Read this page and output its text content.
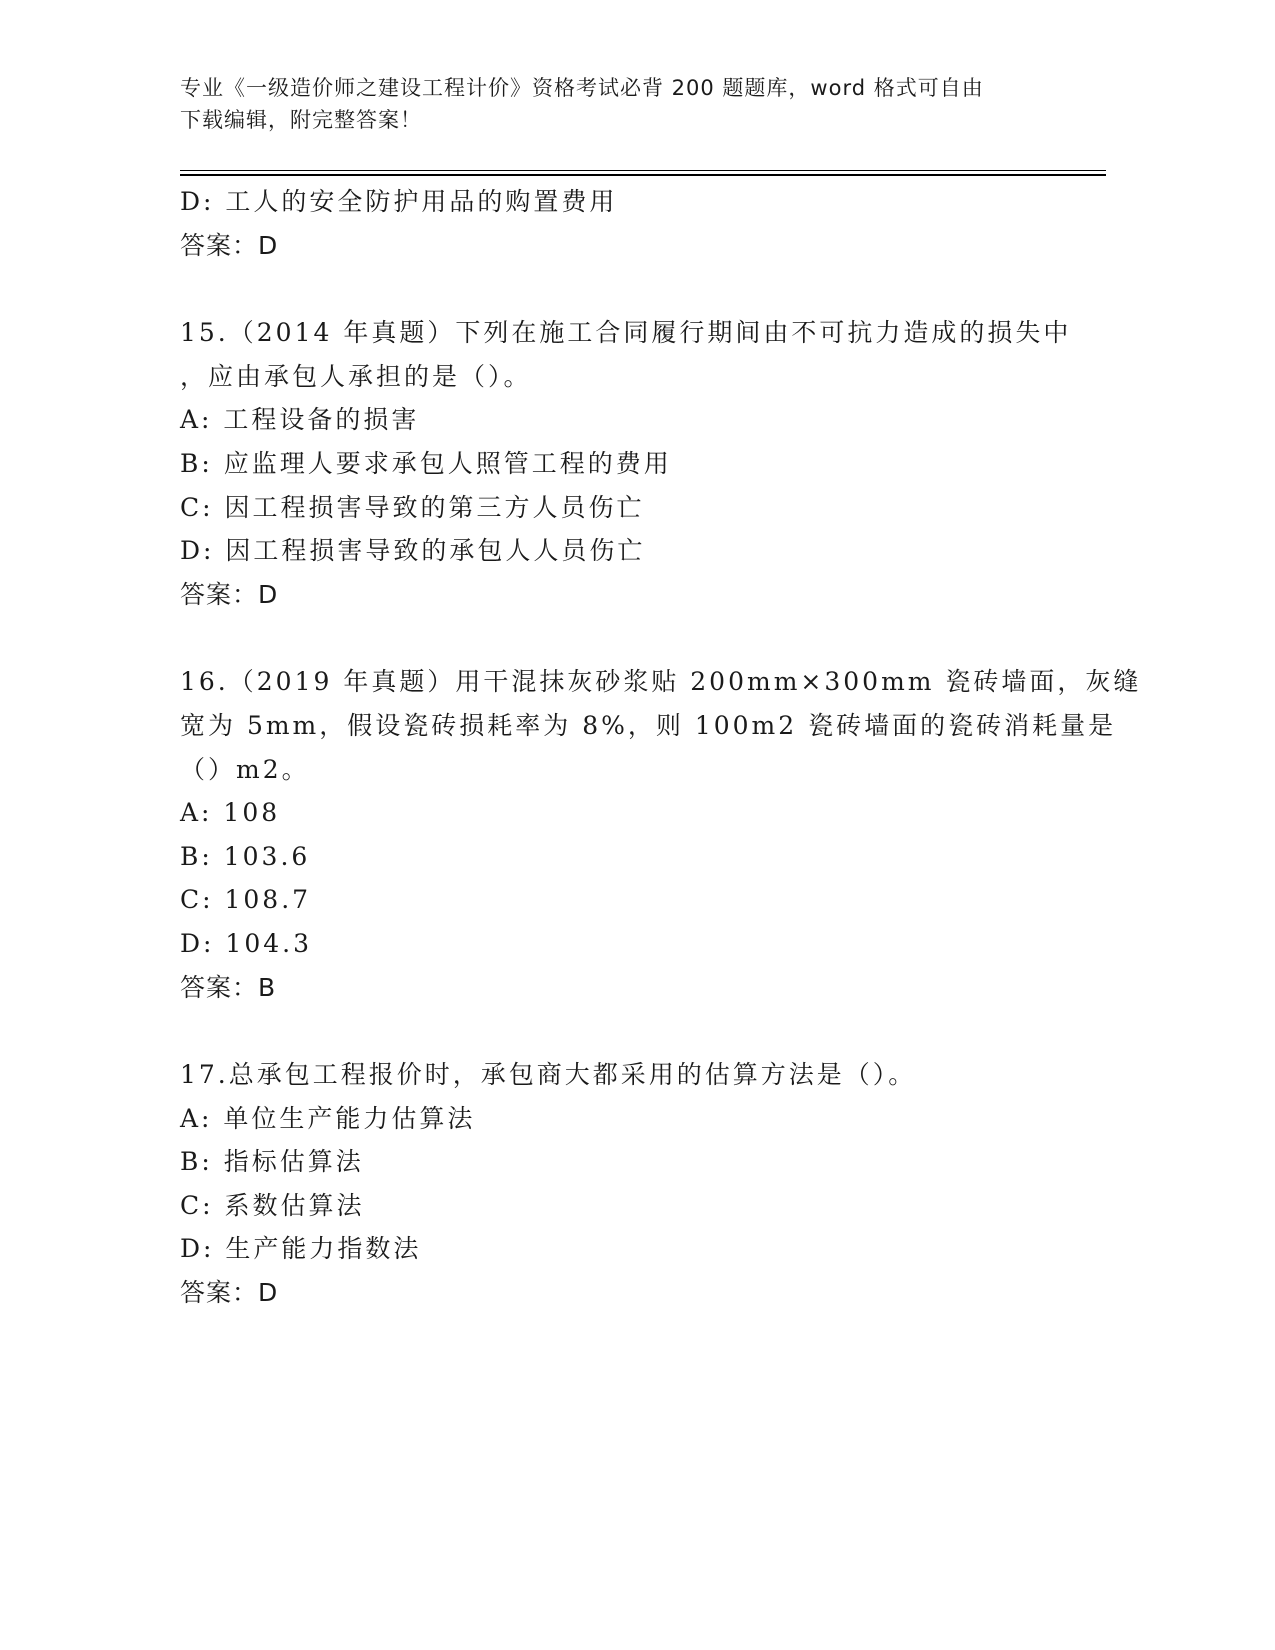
专业《一级造价师之建设工程计价》资格考试必背 200 题题库，word 格式可自由
下载编辑，附完整答案！
D: 工人的安全防护用品的购置费用
答案：D
15.（2014 年真题）下列在施工合同履行期间由不可抗力造成的损失中
，应由承包人承担的是（）。
A: 工程设备的损害
B: 应监理人要求承包人照管工程的费用
C: 因工程损害导致的第三方人员伤亡
D: 因工程损害导致的承包人人员伤亡
答案：D
16.（2019 年真题）用干混抹灰砂浆贴 200mm×300mm 瓷砖墙面，灰缝
宽为 5mm，假设瓷砖损耗率为 8%，则 100m2 瓷砖墙面的瓷砖消耗量是
（）m2。
A: 108
B: 103.6
C: 108.7
D: 104.3
答案：B
17.总承包工程报价时，承包商大都采用的估算方法是（）。
A: 单位生产能力估算法
B: 指标估算法
C: 系数估算法
D: 生产能力指数法
答案：D
